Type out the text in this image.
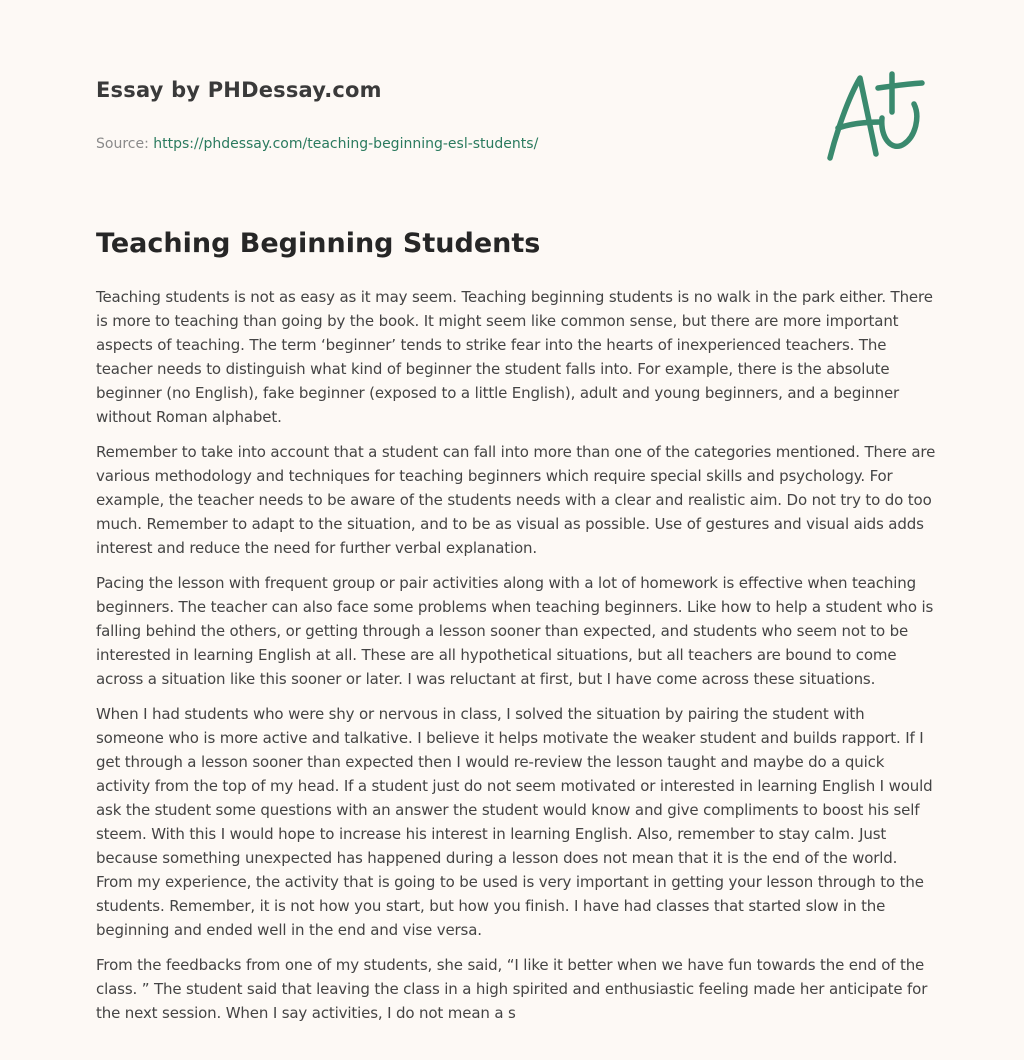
Essay by PHDessay.com
Source: https://phdessay.com/teaching-beginning-esl-students/
Teaching Beginning Students

Teaching students is not as easy as it may seem. Teaching beginning students is no walk in the park either. There is more to teaching than going by the book. It might seem like common sense, but there are more important aspects of teaching. The term ‘beginner’ tends to strike fear into the hearts of inexperienced teachers. The teacher needs to distinguish what kind of beginner the student falls into. For example, there is the absolute beginner (no English), fake beginner (exposed to a little English), adult and young beginners, and a beginner without Roman alphabet.

Remember to take into account that a student can fall into more than one of the categories mentioned. There are various methodology and techniques for teaching beginners which require special skills and psychology. For example, the teacher needs to be aware of the students needs with a clear and realistic aim. Do not try to do too much. Remember to adapt to the situation, and to be as visual as possible. Use of gestures and visual aids adds interest and reduce the need for further verbal explanation.

Pacing the lesson with frequent group or pair activities along with a lot of homework is effective when teaching beginners. The teacher can also face some problems when teaching beginners. Like how to help a student who is falling behind the others, or getting through a lesson sooner than expected, and students who seem not to be interested in learning English at all. These are all hypothetical situations, but all teachers are bound to come across a situation like this sooner or later. I was reluctant at first, but I have come across these situations.

When I had students who were shy or nervous in class, I solved the situation by pairing the student with someone who is more active and talkative. I believe it helps motivate the weaker student and builds rapport. If I get through a lesson sooner than expected then I would re-review the lesson taught and maybe do a quick activity from the top of my head. If a student just do not seem motivated or interested in learning English I would ask the student some questions with an answer the student would know and give compliments to boost his self steem. With this I would hope to increase his interest in learning English. Also, remember to stay calm. Just because something unexpected has happened during a lesson does not mean that it is the end of the world. From my experience, the activity that is going to be used is very important in getting your lesson through to the students. Remember, it is not how you start, but how you finish. I have had classes that started slow in the beginning and ended well in the end and vise versa.

From the feedbacks from one of my students, she said, “I like it better when we have fun towards the end of the class. ” The student said that leaving the class in a high spirited and enthusiastic feeling made her anticipate for the next session. When I say activities, I do not mean a s
